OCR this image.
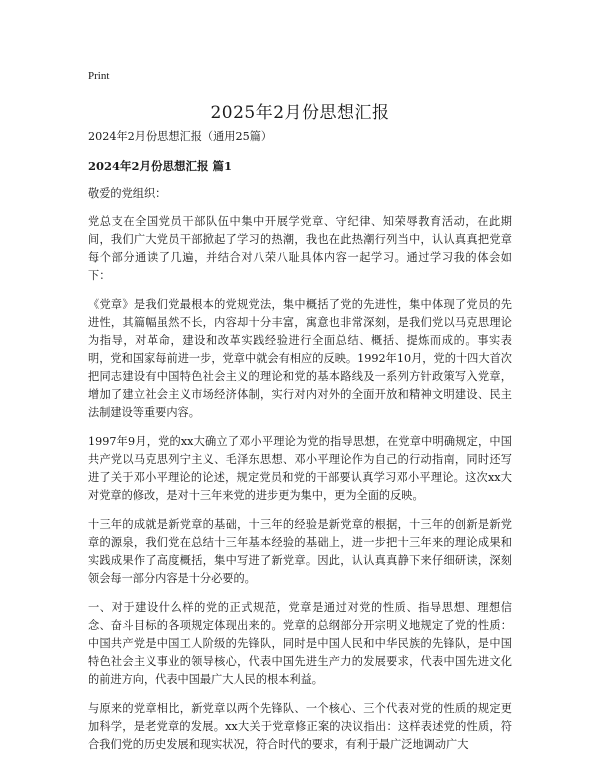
Print
2025年2月份思想汇报

2024年2月份思想汇报（通用25篇）

2024年2月份思想汇报 篇1

敬爱的党组织：

党总支在全国党员干部队伍中集中开展学党章、守纪律、知荣辱教育活动，在此期间，我们广大党员干部掀起了学习的热潮，我也在此热潮行列当中，认认真真把党章每个部分通读了几遍，并结合对八荣八耻具体内容一起学习。通过学习我的体会如下：

《党章》是我们党最根本的党规党法，集中概括了党的先进性，集中体现了党员的先进性，其篇幅虽然不长，内容却十分丰富，寓意也非常深刻，是我们党以马克思理论为指导，对革命，建设和改革实践经验进行全面总结、概括、提炼而成的。事实表明，党和国家每前进一步，党章中就会有相应的反映。1992年10月，党的十四大首次把同志建设有中国特色社会主义的理论和党的基本路线及一系列方针政策写入党章，增加了建立社会主义市场经济体制，实行对内对外的全面开放和精神文明建设、民主法制建设等重要内容。

1997年9月，党的xx大确立了邓小平理论为党的指导思想，在党章中明确规定，中国共产党以马克思列宁主义、毛泽东思想、邓小平理论作为自己的行动指南，同时还写进了关于邓小平理论的论述，规定党员和党的干部要认真学习邓小平理论。这次xx大对党章的修改，是对十三年来党的进步更为集中，更为全面的反映。

十三年的成就是新党章的基础，十三年的经验是新党章的根据，十三年的创新是新党章的源泉，我们党在总结十三年基本经验的基础上，进一步把十三年来的理论成果和实践成果作了高度概括，集中写进了新党章。因此，认认真真静下来仔细研读，深刻领会每一部分内容是十分必要的。

一、对于建设什么样的党的正式规范，党章是通过对党的性质、指导思想、理想信念、奋斗目标的各项规定体现出来的。党章的总纲部分开宗明义地规定了党的性质：中国共产党是中国工人阶级的先锋队，同时是中国人民和中华民族的先锋队，是中国特色社会主义事业的领导核心，代表中国先进生产力的发展要求，代表中国先进文化的前进方向，代表中国最广大人民的根本利益。

与原来的党章相比，新党章以两个先锋队、一个核心、三个代表对党的性质的规定更加科学，是老党章的发展。xx大关于党章修正案的决议指出：这样表述党的性质，符合我们党的历史发展和现实状况，符合时代的要求，有利于最广泛地调动广大
